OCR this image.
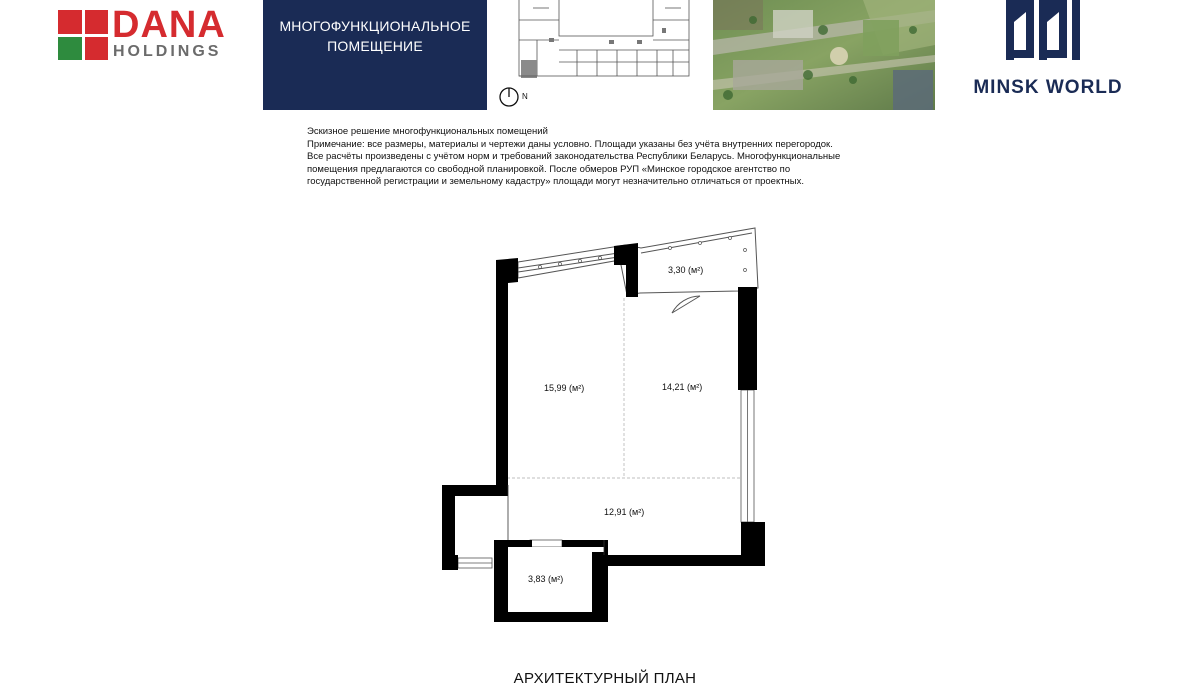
DANA
HOLDINGS
МНОГОФУНКЦИОНАЛЬНОЕ
ПОМЕЩЕНИЕ
N	MINSK WORLD
Эскизное решение многофункциональных помещений
Примечание: все размеры, материалы и чертежи даны условно. Площади указаны без учёта внутренних перегородок.
Все расчёты произведены с учётом норм и требований законодательства Республики Беларусь. Многофункциональные
помещения предлагаются со свободной планировкой. После обмеров РУП «Минское городское агентство по
государственной регистрации и земельному кадастру» площади могут незначительно отличаться от проектных.
3,30 (м²)
15,99 (м²)	14,21 (м²)
12,91 (м²)
3,83 (м²)
АРХИТЕКТУРНЫЙ ПЛАН
